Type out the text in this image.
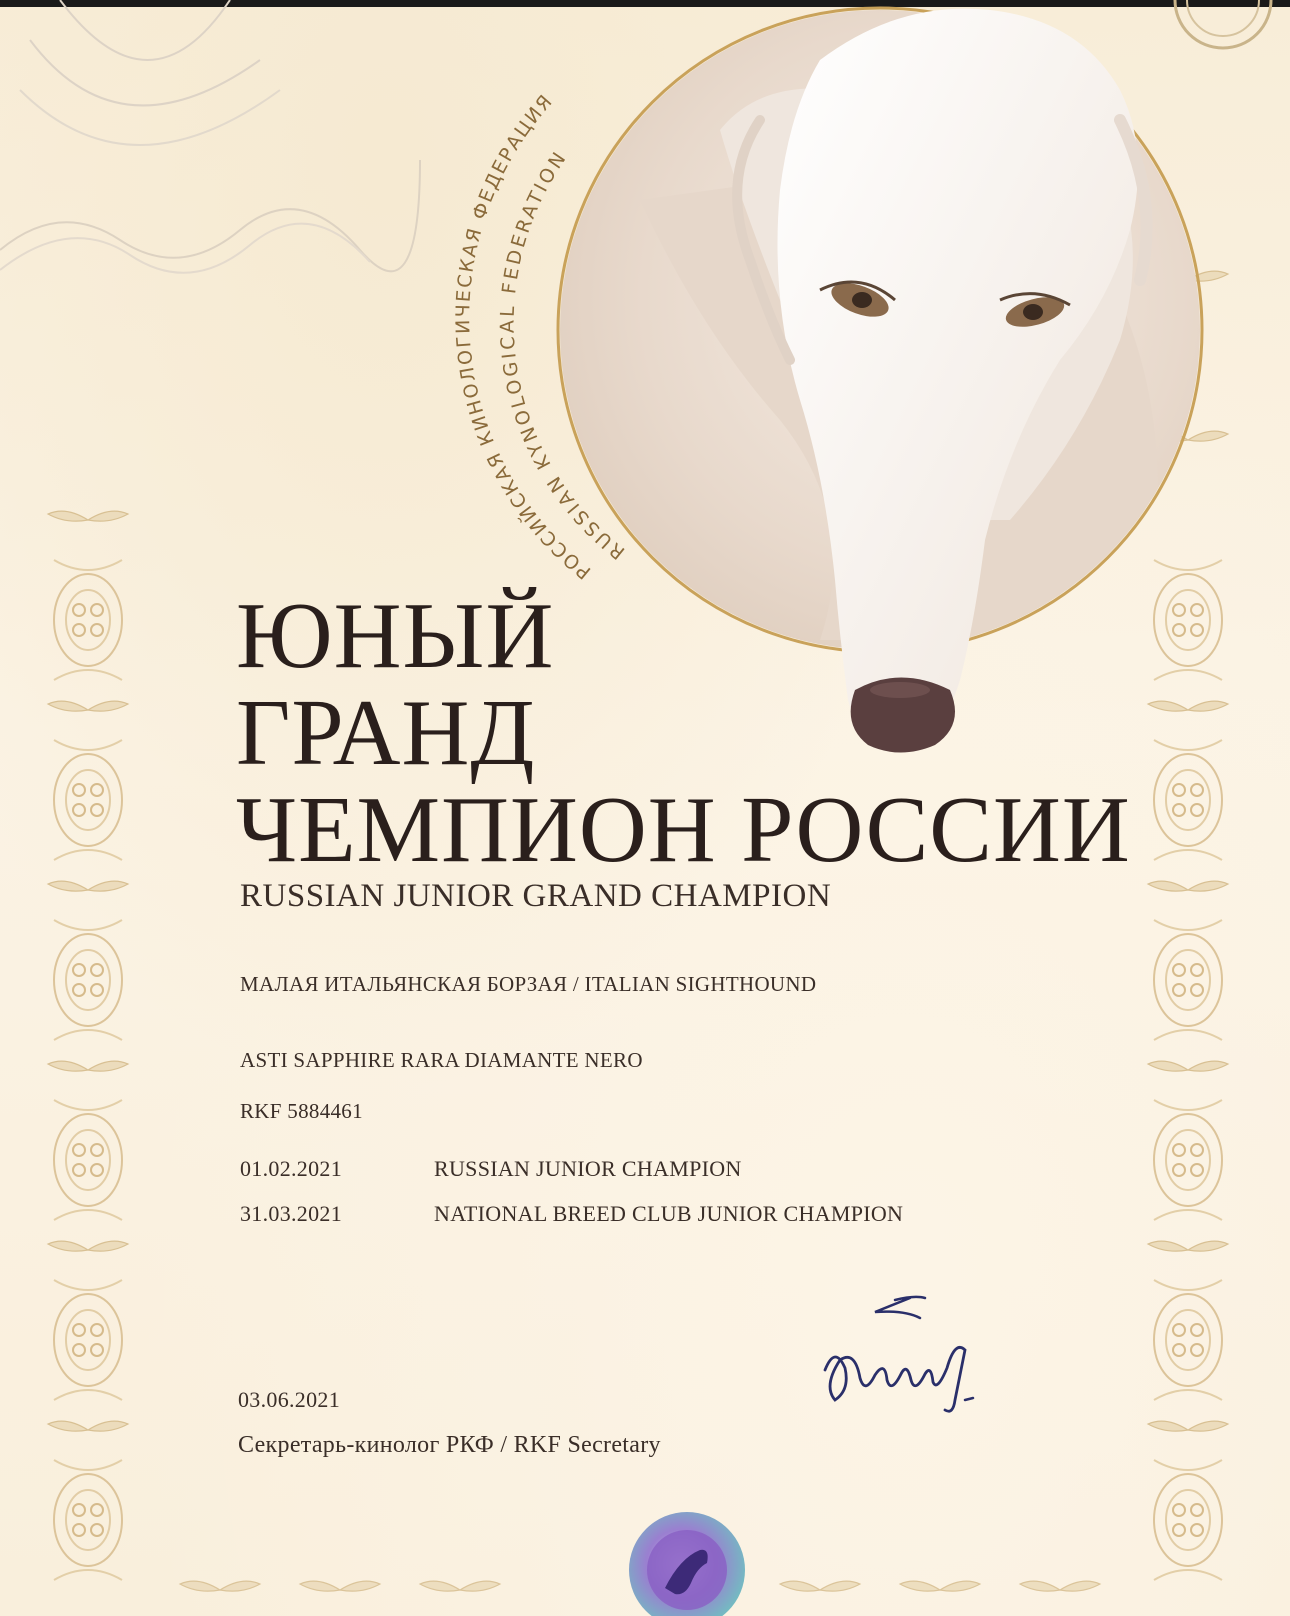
РОССИЙСКАЯ КИНОЛОГИЧЕСКАЯ ФЕДЕРАЦИЯ
RUSSIAN KYNOLOGICAL FEDERATION
ЮНЫЙ
ГРАНД
ЧЕМПИОН РОССИИ
RUSSIAN JUNIOR GRAND CHAMPION
МАЛАЯ ИТАЛЬЯНСКАЯ БОРЗАЯ / ITALIAN SIGHTHOUND
ASTI SAPPHIRE RARA DIAMANTE NERO
RKF 5884461
01.02.2021	RUSSIAN JUNIOR CHAMPION
31.03.2021	NATIONAL BREED CLUB JUNIOR CHAMPION
03.06.2021
Секретарь-кинолог РКФ / RKF Secretary
